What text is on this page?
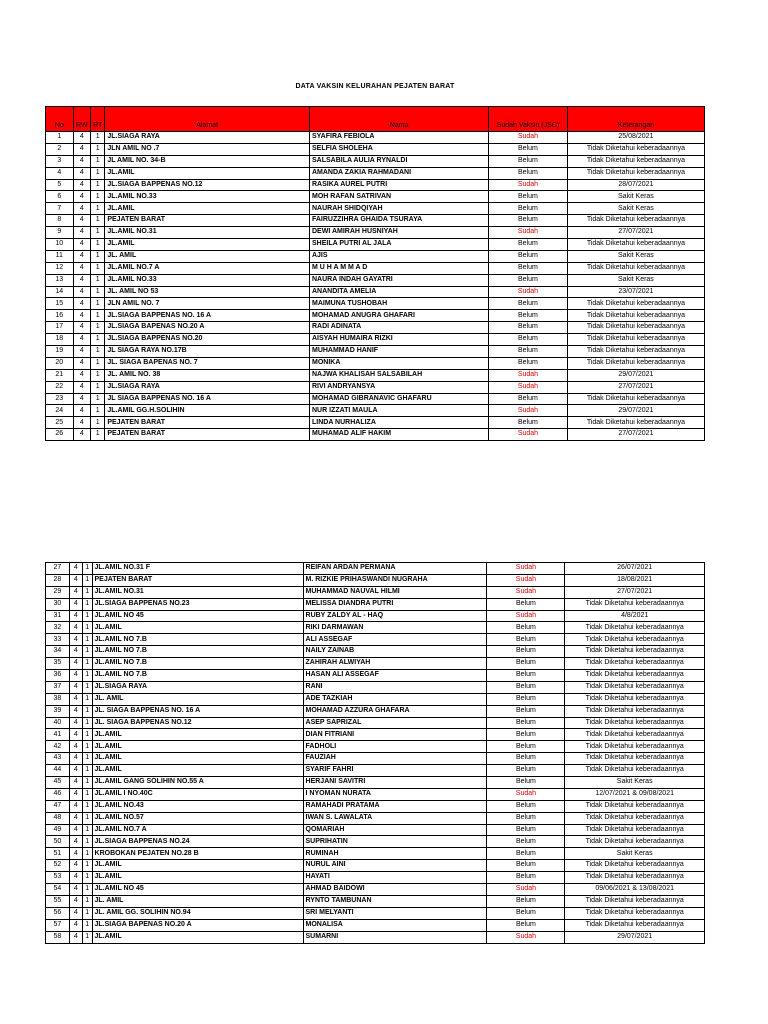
DATA VAKSIN KELURAHAN PEJATEN BARAT
No	RW	RT	Alamat	Nama	Sudah Vaksin (JSC)	Keterangan
1	4	1	JL.SIAGA RAYA	SYAFIRA FEBIOLA	Sudah	25/08/2021
2	4	1	JLN AMIL NO .7	SELFIA SHOLEHA	Belum	Tidak Diketahui keberadaannya
3	4	1	JL AMIL NO. 34-B	SALSABILA AULIA RYNALDI	Belum	Tidak Diketahui keberadaannya
4	4	1	JL.AMIL	AMANDA ZAKIA RAHMADANI	Belum	Tidak Diketahui keberadaannya
5	4	1	JL.SIAGA BAPPENAS NO.12	RASIKA AUREL PUTRI	Sudah	28/07/2021
6	4	1	JL.AMIL NO.33	MOH RAFAN SATRIVAN	Belum	Sakit Keras
7	4	1	JL.AMIL	NAURAH SHIDQIYAH	Belum	Sakit Keras
8	4	1	PEJATEN BARAT	FAIRUZZIHRA GHAIDA TSURAYA	Belum	Tidak Diketahui keberadaannya
9	4	1	JL.AMIL NO.31	DEWI AMIRAH HUSNIYAH	Sudah	27/07/2021
10	4	1	JL.AMIL	SHEILA PUTRI AL JALA	Belum	Tidak Diketahui keberadaannya
11	4	1	JL. AMIL	AJIS	Belum	Sakit Keras
12	4	1	JL.AMIL NO.7 A	M U H A M M A D	Belum	Tidak Diketahui keberadaannya
13	4	1	JL.AMIL NO.33	NAURA INDAH GAYATRI	Belum	Sakit Keras
14	4	1	JL. AMIL NO 53	ANANDITA AMELIA	Sudah	23/07/2021
15	4	1	JLN AMIL NO. 7	MAIMUNA TUSHOBAH	Belum	Tidak Diketahui keberadaannya
16	4	1	JL.SIAGA BAPPENAS NO. 16 A	MOHAMAD ANUGRA GHAFARI	Belum	Tidak Diketahui keberadaannya
17	4	1	JL.SIAGA BAPENAS NO.20 A	RADI ADINATA	Belum	Tidak Diketahui keberadaannya
18	4	1	JL.SIAGA BAPPENAS NO.20	AISYAH HUMAIRA RIZKI	Belum	Tidak Diketahui keberadaannya
19	4	1	JL SIAGA RAYA NO.17B	MUHAMMAD HANIF	Belum	Tidak Diketahui keberadaannya
20	4	1	JL. SIAGA BAPENAS NO. 7	MONIKA	Belum	Tidak Diketahui keberadaannya
21	4	1	JL. AMIL NO. 38	NAJWA KHALISAH SALSABILAH	Sudah	29/07/2021
22	4	1	JL.SIAGA RAYA	RIVI ANDRYANSYA	Sudah	27/07/2021
23	4	1	JL SIAGA BAPPENAS NO. 16 A	MOHAMAD GIBRANAVIC GHAFARU	Belum	Tidak Diketahui keberadaannya
24	4	1	JL.AMIL GG.H.SOLIHIN	NUR IZZATI MAULA	Sudah	29/07/2021
25	4	1	PEJATEN BARAT	LINDA NURHALIZA	Belum	Tidak Diketahui keberadaannya
26	4	1	PEJATEN BARAT	MUHAMAD ALIF HAKIM	Sudah	27/07/2021
27	4	1	JL.AMIL NO.31 F	REIFAN ARDAN PERMANA	Sudah	26/07/2021
28	4	1	PEJATEN BARAT	M. RIZKIE PRIHASWANDI NUGRAHA	Sudah	18/08/2021
29	4	1	JL.AMIL NO.31	MUHAMMAD NAUVAL HILMI	Sudah	27/07/2021
30	4	1	JL.SIAGA BAPPENAS NO.23	MELISSA DIANDRA PUTRI	Belum	Tidak Diketahui keberadaannya
31	4	1	JL.AMIL NO 45	RUBY ZALDY AL - HAQ	Sudah	4/8/2021
32	4	1	JL.AMIL	RIKI DARMAWAN	Belum	Tidak Diketahui keberadaannya
33	4	1	JL.AMIL NO 7.B	ALI ASSEGAF	Belum	Tidak Diketahui keberadaannya
34	4	1	JL.AMIL NO 7.B	NAILY ZAINAB	Belum	Tidak Diketahui keberadaannya
35	4	1	JL.AMIL NO 7.B	ZAHIRAH ALWIYAH	Belum	Tidak Diketahui keberadaannya
36	4	1	JL.AMIL NO 7.B	HASAN ALI ASSEGAF	Belum	Tidak Diketahui keberadaannya
37	4	1	JL.SIAGA RAYA	RANI	Belum	Tidak Diketahui keberadaannya
38	4	1	JL. AMIL	ADE TAZKIAH	Belum	Tidak Diketahui keberadaannya
39	4	1	JL. SIAGA BAPPENAS NO. 16 A	MOHAMAD AZZURA GHAFARA	Belum	Tidak Diketahui keberadaannya
40	4	1	JL. SIAGA BAPPENAS NO.12	ASEP SAPRIZAL	Belum	Tidak Diketahui keberadaannya
41	4	1	JL.AMIL	DIAN FITRIANI	Belum	Tidak Diketahui keberadaannya
42	4	1	JL.AMIL	FADHOLI	Belum	Tidak Diketahui keberadaannya
43	4	1	JL.AMIL	FAUZIAH	Belum	Tidak Diketahui keberadaannya
44	4	1	JL.AMIL	SYARIF FAHRI	Belum	Tidak Diketahui keberadaannya
45	4	1	JL.AMIL GANG SOLIHIN NO.55 A	HERJANI SAVITRI	Belum	Sakit Keras
46	4	1	JL.AMIL I NO.40C	I NYOMAN NURATA	Sudah	12/07/2021 & 09/08/2021
47	4	1	JL.AMIL NO.43	RAMAHADI PRATAMA	Belum	Tidak Diketahui keberadaannya
48	4	1	JL.AMIL NO.57	IWAN S. LAWALATA	Belum	Tidak Diketahui keberadaannya
49	4	1	JL.AMIL NO.7 A	QOMARIAH	Belum	Tidak Diketahui keberadaannya
50	4	1	JL.SIAGA BAPPENAS NO.24	SUPRIHATIN	Belum	Tidak Diketahui keberadaannya
51	4	1	KROBOKAN PEJATEN NO.28 B	RUMINAH	Belum	Sakit Keras
52	4	1	JL.AMIL	NURUL AINI	Belum	Tidak Diketahui keberadaannya
53	4	1	JL.AMIL	HAYATI	Belum	Tidak Diketahui keberadaannya
54	4	1	JL.AMIL NO 45	AHMAD BAIDOWI	Sudah	09/06/2021 & 13/08/2021
55	4	1	JL. AMIL	RYNTO TAMBUNAN	Belum	Tidak Diketahui keberadaannya
56	4	1	JL. AMIL GG. SOLIHIN NO.94	SRI MELYANTI	Belum	Tidak Diketahui keberadaannya
57	4	1	JL.SIAGA BAPENAS NO.20 A	MONALISA	Belum	Tidak Diketahui keberadaannya
58	4	1	JL.AMIL	SUMARNI	Sudah	29/07/2021
